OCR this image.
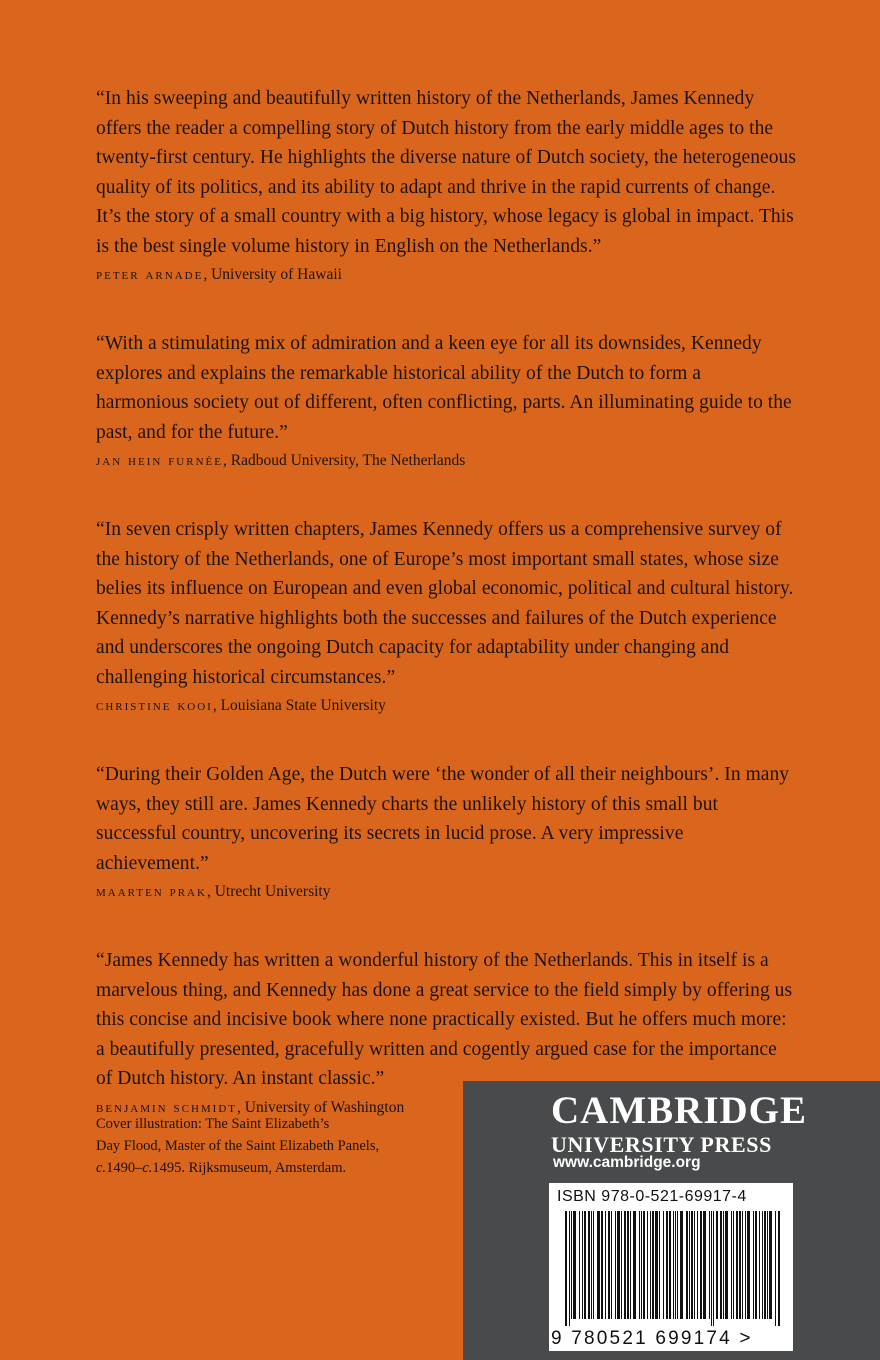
“In his sweeping and beautifully written history of the Netherlands, James Kennedy offers the reader a compelling story of Dutch history from the early middle ages to the twenty-first century. He highlights the diverse nature of Dutch society, the heterogeneous quality of its politics, and its ability to adapt and thrive in the rapid currents of change. It’s the story of a small country with a big history, whose legacy is global in impact. This is the best single volume history in English on the Netherlands.”

peter arnade, University of Hawaii

“With a stimulating mix of admiration and a keen eye for all its downsides, Kennedy explores and explains the remarkable historical ability of the Dutch to form a harmonious society out of different, often conflicting, parts. An illuminating guide to the past, and for the future.”

jan hein furnée, Radboud University, The Netherlands

“In seven crisply written chapters, James Kennedy offers us a comprehensive survey of the history of the Netherlands, one of Europe’s most important small states, whose size belies its influence on European and even global economic, political and cultural history. Kennedy’s narrative highlights both the successes and failures of the Dutch experience and underscores the ongoing Dutch capacity for adaptability under changing and challenging historical circumstances.”

christine kooi, Louisiana State University

“During their Golden Age, the Dutch were ‘the wonder of all their neighbours’. In many ways, they still are. James Kennedy charts the unlikely history of this small but successful country, uncovering its secrets in lucid prose. A very impressive achievement.”

maarten prak, Utrecht University

“James Kennedy has written a wonderful history of the Netherlands. This in itself is a marvelous thing, and Kennedy has done a great service to the field simply by offering us this concise and incisive book where none practically existed. But he offers much more: a beautifully presented, gracefully written and cogently argued case for the importance of Dutch history. An instant classic.”

benjamin schmidt, University of Washington
Cover illustration: The Saint Elizabeth’s
Day Flood, Master of the Saint Elizabeth Panels,
c.1490–c.1495. Rijksmuseum, Amsterdam.
CAMBRIDGE
UNIVERSITY PRESS
www.cambridge.org
ISBN 978-0-521-69917-4
9 780521 699174 >
